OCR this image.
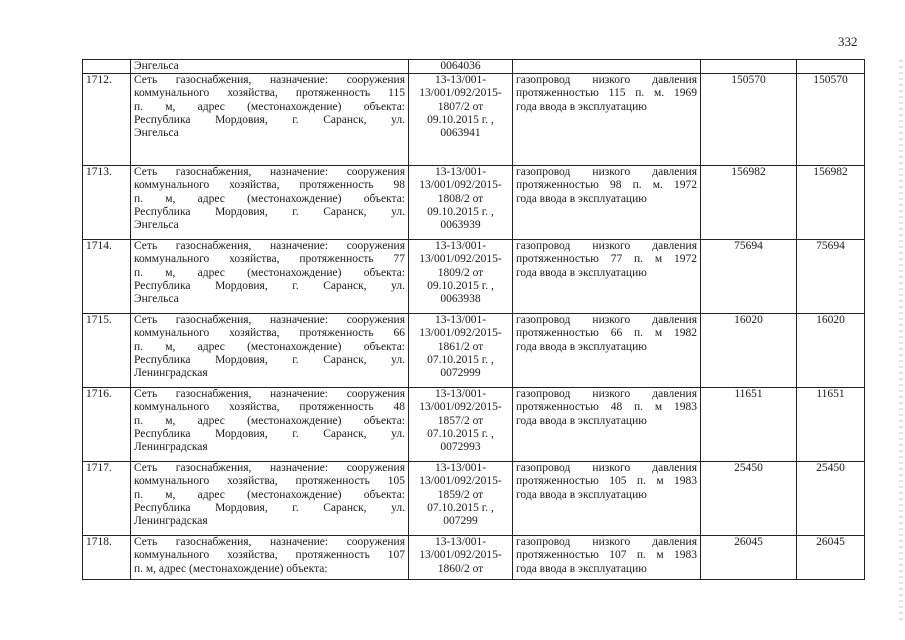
332

	Энгельса	0064036			

1712.	Сеть газоснабжения, назначение: сооружения
коммунального хозяйства, протяженность 115
п. м, адрес (местонахождение) объекта:
Республика Мордовия, г. Саранск, ул.
Энгельса	13-13/001-
13/001/092/2015-
1807/2 от
09.10.2015 г. ,
0063941	газопровод низкого давления
протяженностью 115 п. м. 1969
года ввода в эксплуатацию	150570	150570
1713.	Сеть газоснабжения, назначение: сооружения
коммунального хозяйства, протяженность 98
п. м, адрес (местонахождение) объекта:
Республика Мордовия, г. Саранск, ул.
Энгельса	13-13/001-
13/001/092/2015-
1808/2 от
09.10.2015 г. ,
0063939	газопровод низкого давления
протяженностью 98 п. м. 1972
года ввода в эксплуатацию	156982	156982
1714.	Сеть газоснабжения, назначение: сооружения
коммунального хозяйства, протяженность 77
п. м, адрес (местонахождение) объекта:
Республика Мордовия, г. Саранск, ул.
Энгельса	13-13/001-
13/001/092/2015-
1809/2 от
09.10.2015 г. ,
0063938	газопровод низкого давления
протяженностью 77 п. м 1972
года ввода в эксплуатацию	75694	75694
1715.	Сеть газоснабжения, назначение: сооружения
коммунального хозяйства, протяженность 66
п. м, адрес (местонахождение) объекта:
Республика Мордовия, г. Саранск, ул.
Ленинградская	13-13/001-
13/001/092/2015-
1861/2 от
07.10.2015 г. ,
0072999	газопровод низкого давления
протяженностью 66 п. м 1982
года ввода в эксплуатацию	16020	16020
1716.	Сеть газоснабжения, назначение: сооружения
коммунального хозяйства, протяженность 48
п. м, адрес (местонахождение) объекта:
Республика Мордовия, г. Саранск, ул.
Ленинградская	13-13/001-
13/001/092/2015-
1857/2 от
07.10.2015 г. ,
0072993	газопровод низкого давления
протяженностью 48 п. м 1983
года ввода в эксплуатацию	11651	11651
1717.	Сеть газоснабжения, назначение: сооружения
коммунального хозяйства, протяженность 105
п. м, адрес (местонахождение) объекта:
Республика Мордовия, г. Саранск, ул.
Ленинградская	13-13/001-
13/001/092/2015-
1859/2 от
07.10.2015 г. ,
007299	газопровод низкого давления
протяженностью 105 п. м 1983
года ввода в эксплуатацию	25450	25450
1718.	Сеть газоснабжения, назначение: сооружения
коммунального хозяйства, протяженность 107
п. м, адрес (местонахождение) объекта:	13-13/001-
13/001/092/2015-
1860/2 от	газопровод низкого давления
протяженностью 107 п. м 1983
года ввода в эксплуатацию	26045	26045
